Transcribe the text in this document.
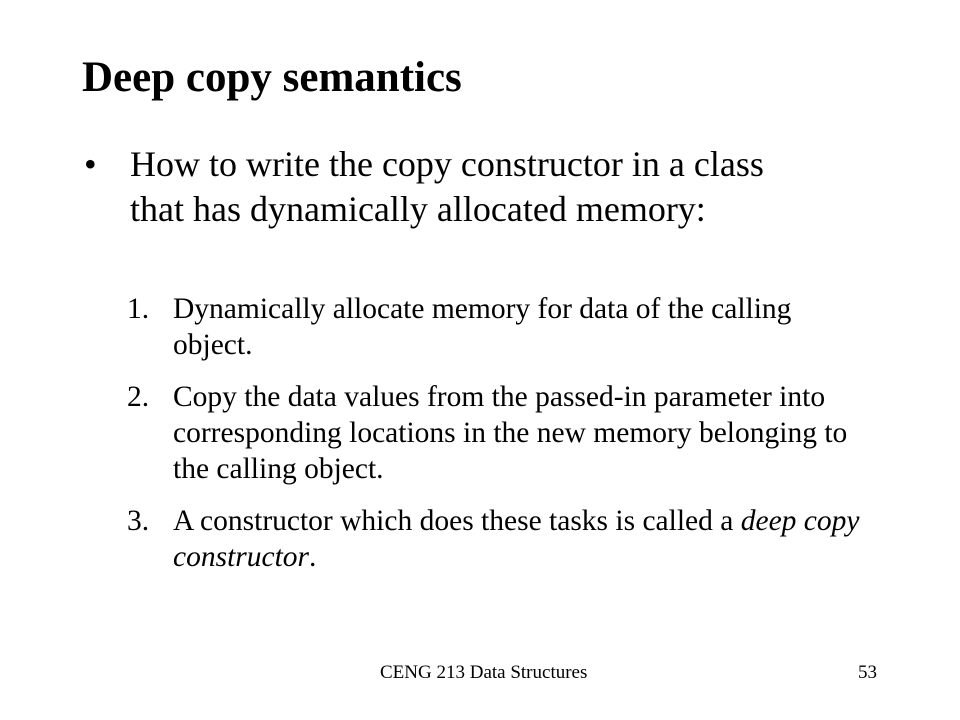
Deep copy semantics
• How to write the copy constructor in a class that has dynamically allocated memory:
1. Dynamically allocate memory for data of the calling object.
2. Copy the data values from the passed-in parameter into corresponding locations in the new memory belonging to the calling object.
3. A constructor which does these tasks is called a deep copy constructor.
CENG 213 Data Structures	53
